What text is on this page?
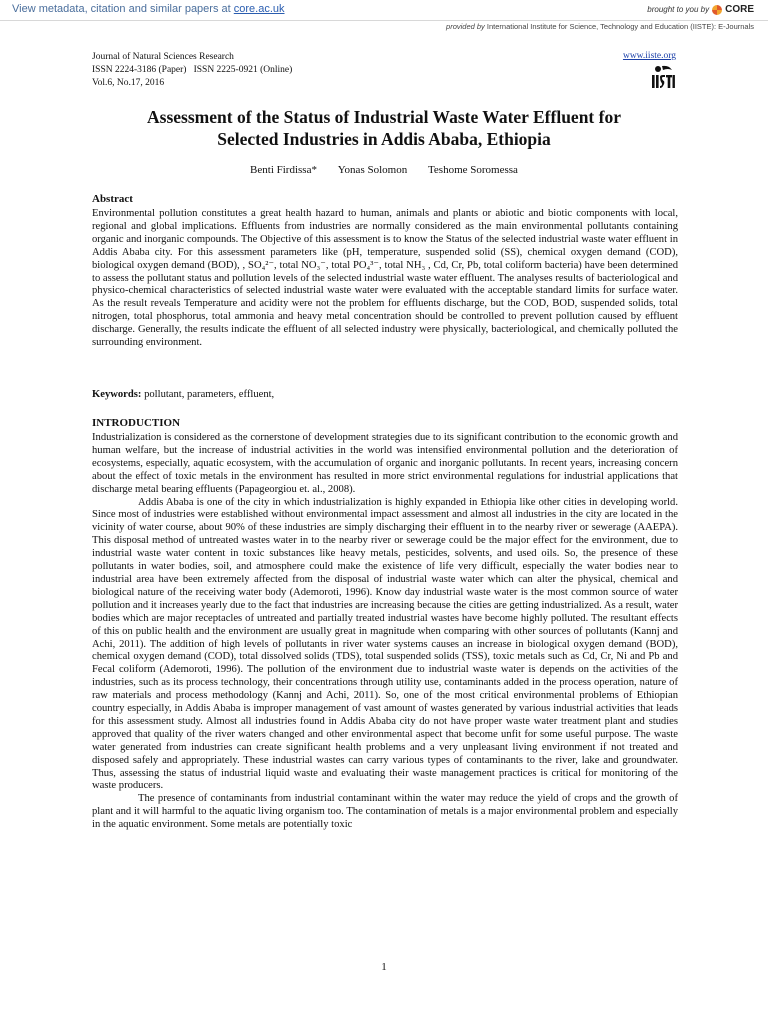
View metadata, citation and similar papers at core.ac.uk	brought to you by CORE
provided by International Institute for Science, Technology and Education (IISTE): E-Journals
Journal of Natural Sciences Research
ISSN 2224-3186 (Paper)   ISSN 2225-0921 (Online)
Vol.6, No.17, 2016
www.iiste.org
Assessment of the Status of Industrial Waste Water Effluent for
Selected Industries in Addis Ababa, Ethiopia
Benti Firdissa* Yonas Solomon Teshome Soromessa
Abstract
Environmental pollution constitutes a great health hazard to human, animals and plants or abiotic and biotic components with local, regional and global implications. Effluents from industries are normally considered as the main environmental pollutants containing organic and inorganic compounds. The Objective of this assessment is to know the Status of the selected industrial waste water effluent in Addis Ababa city. For this assessment parameters like (pH, temperature, suspended solid (SS), chemical oxygen demand (COD), biological oxygen demand (BOD), , SO₄²⁻, total NO₃⁻, total PO₄³⁻, total NH₃ , Cd, Cr, Pb, total coliform bacteria) have been determined to assess the pollutant status and pollution levels of the selected industrial waste water effluent. The analyses results of bacteriological and physico-chemical characteristics of selected industrial waste water were evaluated with the acceptable standard limits for surface water. As the result reveals Temperature and acidity were not the problem for effluents discharge, but the COD, BOD, suspended solids, total nitrogen, total phosphorus, total ammonia and heavy metal concentration should be controlled to prevent pollution caused by effluent discharge. Generally, the results indicate the effluent of all selected industry were physically, bacteriological, and chemically polluted the surrounding environment.
Keywords: pollutant, parameters, effluent,
INTRODUCTION

Industrialization is considered as the cornerstone of development strategies due to its significant contribution to the economic growth and human welfare, but the increase of industrial activities in the world was intensified environmental pollution and the deterioration of ecosystems, especially, aquatic ecosystem, with the accumulation of organic and inorganic pollutants. In recent years, increasing concern about the effect of toxic metals in the environment has resulted in more strict environmental regulations for industrial applications that discharge metal bearing effluents (Papageorgiou et. al., 2008).

Addis Ababa is one of the city in which industrialization is highly expanded in Ethiopia like other cities in developing world. Since most of industries were established without environmental impact assessment and almost all industries in the city are located in the vicinity of water course, about 90% of these industries are simply discharging their effluent in to the nearby river or sewerage (AAEPA). This disposal method of untreated wastes water in to the nearby river or sewerage could be the major effect for the environment, due to industrial waste water content in toxic substances like heavy metals, pesticides, solvents, and used oils. So, the presence of these pollutants in water bodies, soil, and atmosphere could make the existence of life very difficult, especially the water bodies near to industrial area have been extremely affected from the disposal of industrial waste water which can alter the physical, chemical and biological nature of the receiving water body (Ademoroti, 1996). Know day industrial waste water is the most common source of water pollution and it increases yearly due to the fact that industries are increasing because the cities are getting industrialized. As a result, water bodies which are major receptacles of untreated and partially treated industrial wastes have become highly polluted. The resultant effects of this on public health and the environment are usually great in magnitude when comparing with other sources of pollutants (Kannj and Achi, 2011). The addition of high levels of pollutants in river water systems causes an increase in biological oxygen demand (BOD), chemical oxygen demand (COD), total dissolved solids (TDS), total suspended solids (TSS), toxic metals such as Cd, Cr, Ni and Pb and Fecal coliform (Ademoroti, 1996). The pollution of the environment due to industrial waste water is depends on the activities of the industries, such as its process technology, their concentrations through utility use, contaminants added in the process operation, nature of raw materials and process methodology (Kannj and Achi, 2011). So, one of the most critical environmental problems of Ethiopian country especially, in Addis Ababa is improper management of vast amount of wastes generated by various industrial activities that leads for this assessment study. Almost all industries found in Addis Ababa city do not have proper waste water treatment plant and studies approved that quality of the river waters changed and other environmental aspect that become unfit for some useful purpose. The waste water generated from industries can create significant health problems and a very unpleasant living environment if not treated and disposed safely and appropriately. These industrial wastes can carry various types of contaminants to the river, lake and groundwater. Thus, assessing the status of industrial liquid waste and evaluating their waste management practices is critical for monitoring of the waste producers.

The presence of contaminants from industrial contaminant within the water may reduce the yield of crops and the growth of plant and it will harmful to the aquatic living organism too. The contamination of metals is a major environmental problem and especially in the aquatic environment. Some metals are potentially toxic

1
